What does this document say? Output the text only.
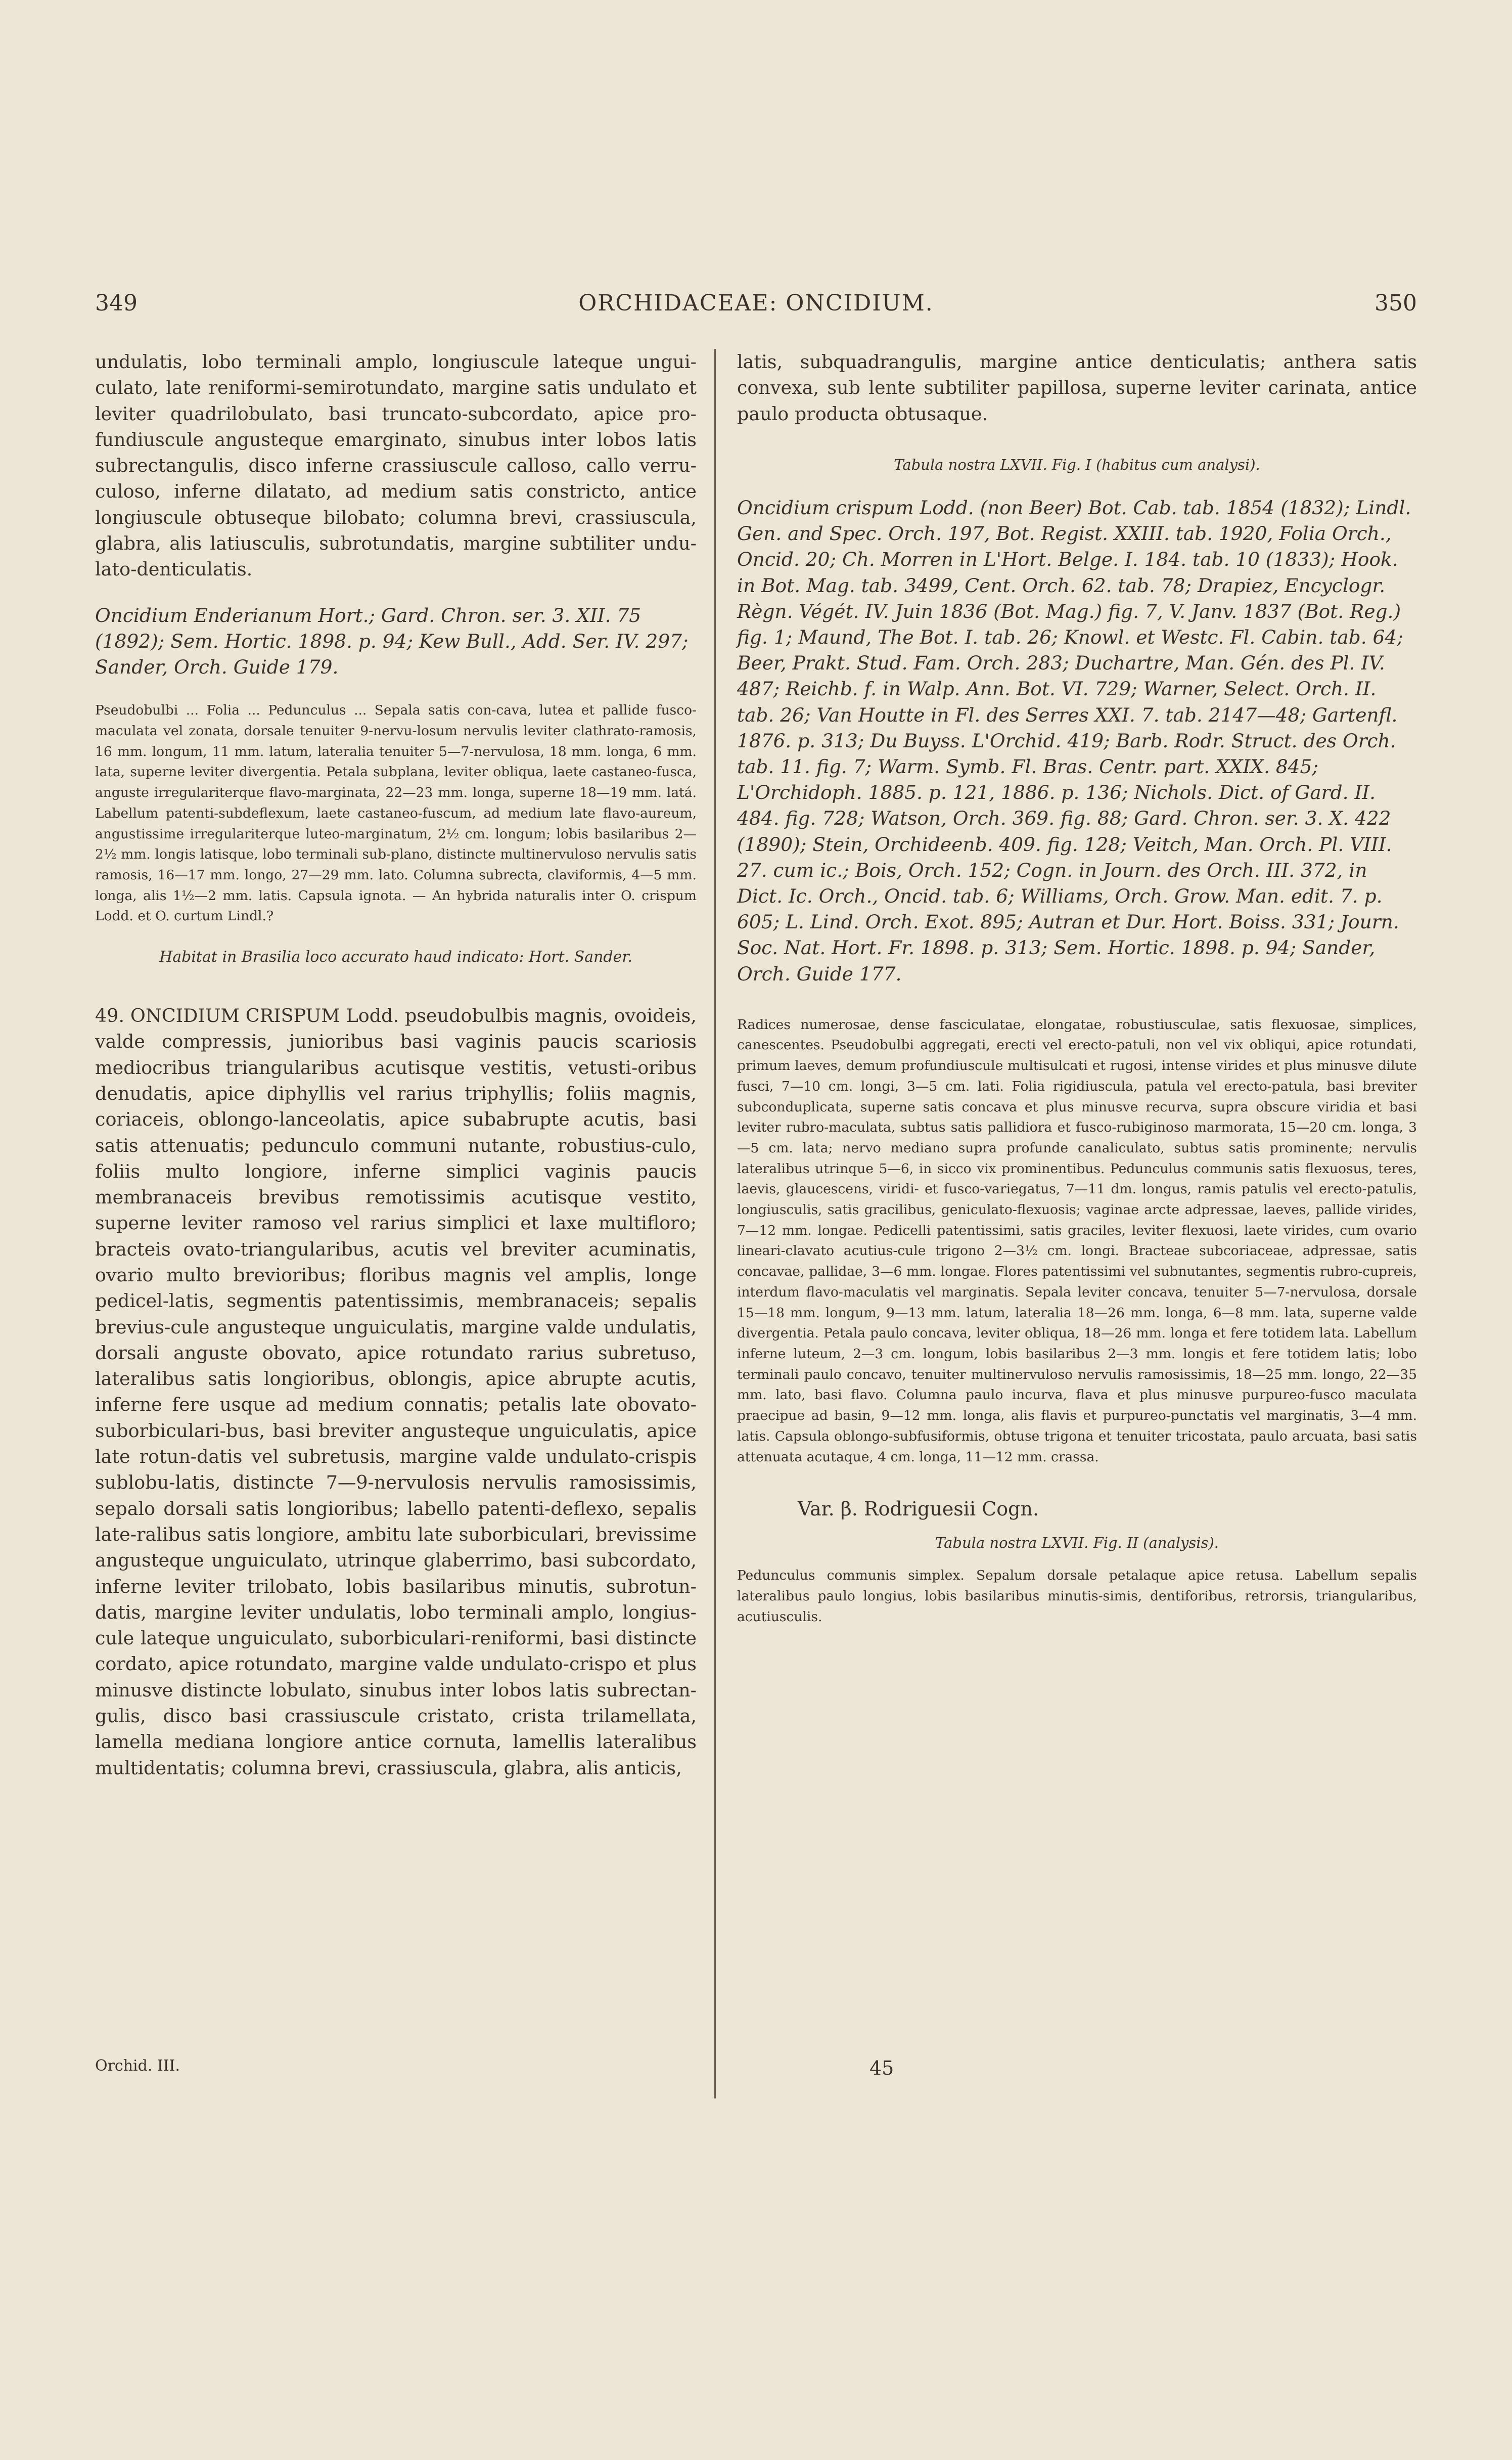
349	ORCHIDACEAE: ONCIDIUM.	350

undulatis, lobo terminali amplo, longiuscule lateque ungui-culato, late reniformi-semirotundato, margine satis undulato et leviter quadrilobulato, basi truncato-subcordato, apice pro-fundiuscule angusteque emarginato, sinubus inter lobos latis subrectangulis, disco inferne crassiuscule calloso, callo verru-culoso, inferne dilatato, ad medium satis constricto, antice longiuscule obtuseque bilobato; columna brevi, crassiuscula, glabra, alis latiusculis, subrotundatis, margine subtiliter undu-lato-denticulatis.

Oncidium Enderianum Hort.; Gard. Chron. ser. 3. XII. 75 (1892); Sem. Hortic. 1898. p. 94; Kew Bull., Add. Ser. IV. 297; Sander, Orch. Guide 179.

Pseudobulbi ... Folia ... Pedunculus ... Sepala satis con-cava, lutea et pallide fusco-maculata vel zonata, dorsale tenuiter 9-nervu-losum nervulis leviter clathrato-ramosis, 16 mm. longum, 11 mm. latum, lateralia tenuiter 5—7-nervulosa, 18 mm. longa, 6 mm. lata, superne leviter divergentia. Petala subplana, leviter obliqua, laete castaneo-fusca, anguste irregulariterque flavo-marginata, 22—23 mm. longa, superne 18—19 mm. latá. Labellum patenti-subdeflexum, laete castaneo-fuscum, ad medium late flavo-aureum, angustissime irregulariterque luteo-marginatum, 2½ cm. longum; lobis basilaribus 2—2½ mm. longis latisque, lobo terminali sub-plano, distincte multinervuloso nervulis satis ramosis, 16—17 mm. longo, 27—29 mm. lato. Columna subrecta, claviformis, 4—5 mm. longa, alis 1½—2 mm. latis. Capsula ignota. — An hybrida naturalis inter O. crispum Lodd. et O. curtum Lindl.?

Habitat in Brasilia loco accurato haud indicato: Hort. Sander.

49. ONCIDIUM CRISPUM Lodd. pseudobulbis magnis, ovoideis, valde compressis, junioribus basi vaginis paucis scariosis mediocribus triangularibus acutisque vestitis, vetusti-oribus denudatis, apice diphyllis vel rarius triphyllis; foliis magnis, coriaceis, oblongo-lanceolatis, apice subabrupte acutis, basi satis attenuatis; pedunculo communi nutante, robustius-culo, foliis multo longiore, inferne simplici vaginis paucis membranaceis brevibus remotissimis acutisque vestito, superne leviter ramoso vel rarius simplici et laxe multifloro; bracteis ovato-triangularibus, acutis vel breviter acuminatis, ovario multo brevioribus; floribus magnis vel amplis, longe pedicel-latis, segmentis patentissimis, membranaceis; sepalis brevius-cule angusteque unguiculatis, margine valde undulatis, dorsali anguste obovato, apice rotundato rarius subretuso, lateralibus satis longioribus, oblongis, apice abrupte acutis, inferne fere usque ad medium connatis; petalis late obovato-suborbiculari-bus, basi breviter angusteque unguiculatis, apice late rotun-datis vel subretusis, margine valde undulato-crispis sublobu-latis, distincte 7—9-nervulosis nervulis ramosissimis, sepalo dorsali satis longioribus; labello patenti-deflexo, sepalis late-ralibus satis longiore, ambitu late suborbiculari, brevissime angusteque unguiculato, utrinque glaberrimo, basi subcordato, inferne leviter trilobato, lobis basilaribus minutis, subrotun-datis, margine leviter undulatis, lobo terminali amplo, longius-cule lateque unguiculato, suborbiculari-reniformi, basi distincte cordato, apice rotundato, margine valde undulato-crispo et plus minusve distincte lobulato, sinubus inter lobos latis subrectan-gulis, disco basi crassiuscule cristato, crista trilamellata, lamella mediana longiore antice cornuta, lamellis lateralibus multidentatis; columna brevi, crassiuscula, glabra, alis anticis,

latis, subquadrangulis, margine antice denticulatis; anthera satis convexa, sub lente subtiliter papillosa, superne leviter carinata, antice paulo producta obtusaque.

Tabula nostra LXVII. Fig. I (habitus cum analysi).

Oncidium crispum Lodd. (non Beer) Bot. Cab. tab. 1854 (1832); Lindl. Gen. and Spec. Orch. 197, Bot. Regist. XXIII. tab. 1920, Folia Orch., Oncid. 20; Ch. Morren in L'Hort. Belge. I. 184. tab. 10 (1833); Hook. in Bot. Mag. tab. 3499, Cent. Orch. 62. tab. 78; Drapiez, Encyclogr. Règn. Végét. IV. Juin 1836 (Bot. Mag.) fig. 7, V. Janv. 1837 (Bot. Reg.) fig. 1; Maund, The Bot. I. tab. 26; Knowl. et Westc. Fl. Cabin. tab. 64; Beer, Prakt. Stud. Fam. Orch. 283; Duchartre, Man. Gén. des Pl. IV. 487; Reichb. f. in Walp. Ann. Bot. VI. 729; Warner, Select. Orch. II. tab. 26; Van Houtte in Fl. des Serres XXI. 7. tab. 2147—48; Gartenfl. 1876. p. 313; Du Buyss. L'Orchid. 419; Barb. Rodr. Struct. des Orch. tab. 11. fig. 7; Warm. Symb. Fl. Bras. Centr. part. XXIX. 845; L'Orchidoph. 1885. p. 121, 1886. p. 136; Nichols. Dict. of Gard. II. 484. fig. 728; Watson, Orch. 369. fig. 88; Gard. Chron. ser. 3. X. 422 (1890); Stein, Orchideenb. 409. fig. 128; Veitch, Man. Orch. Pl. VIII. 27. cum ic.; Bois, Orch. 152; Cogn. in Journ. des Orch. III. 372, in Dict. Ic. Orch., Oncid. tab. 6; Williams, Orch. Grow. Man. edit. 7. p. 605; L. Lind. Orch. Exot. 895; Autran et Dur. Hort. Boiss. 331; Journ. Soc. Nat. Hort. Fr. 1898. p. 313; Sem. Hortic. 1898. p. 94; Sander, Orch. Guide 177.

Radices numerosae, dense fasciculatae, elongatae, robustiusculae, satis flexuosae, simplices, canescentes. Pseudobulbi aggregati, erecti vel erecto-patuli, non vel vix obliqui, apice rotundati, primum laeves, demum profundiuscule multisulcati et rugosi, intense virides et plus minusve dilute fusci, 7—10 cm. longi, 3—5 cm. lati. Folia rigidiuscula, patula vel erecto-patula, basi breviter subconduplicata, superne satis concava et plus minusve recurva, supra obscure viridia et basi leviter rubro-maculata, subtus satis pallidiora et fusco-rubiginoso marmorata, 15—20 cm. longa, 3—5 cm. lata; nervo mediano supra profunde canaliculato, subtus satis prominente; nervulis lateralibus utrinque 5—6, in sicco vix prominentibus. Pedunculus communis satis flexuosus, teres, laevis, glaucescens, viridi- et fusco-variegatus, 7—11 dm. longus, ramis patulis vel erecto-patulis, longiusculis, satis gracilibus, geniculato-flexuosis; vaginae arcte adpressae, laeves, pallide virides, 7—12 mm. longae. Pedicelli patentissimi, satis graciles, leviter flexuosi, laete virides, cum ovario lineari-clavato acutius-cule trigono 2—3½ cm. longi. Bracteae subcoriaceae, adpressae, satis concavae, pallidae, 3—6 mm. longae. Flores patentissimi vel subnutantes, segmentis rubro-cupreis, interdum flavo-maculatis vel marginatis. Sepala leviter concava, tenuiter 5—7-nervulosa, dorsale 15—18 mm. longum, 9—13 mm. latum, lateralia 18—26 mm. longa, 6—8 mm. lata, superne valde divergentia. Petala paulo concava, leviter obliqua, 18—26 mm. longa et fere totidem lata. Labellum inferne luteum, 2—3 cm. longum, lobis basilaribus 2—3 mm. longis et fere totidem latis; lobo terminali paulo concavo, tenuiter multinervuloso nervulis ramosissimis, 18—25 mm. longo, 22—35 mm. lato, basi flavo. Columna paulo incurva, flava et plus minusve purpureo-fusco maculata praecipue ad basin, 9—12 mm. longa, alis flavis et purpureo-punctatis vel marginatis, 3—4 mm. latis. Capsula oblongo-subfusiformis, obtuse trigona et tenuiter tricostata, paulo arcuata, basi satis attenuata acutaque, 4 cm. longa, 11—12 mm. crassa.

Var. β. Rodriguesii Cogn.

Tabula nostra LXVII. Fig. II (analysis).

Pedunculus communis simplex. Sepalum dorsale petalaque apice retusa. Labellum sepalis lateralibus paulo longius, lobis basilaribus minutis-simis, dentiforibus, retrorsis, triangularibus, acutiusculis.

Orchid. III.	45
